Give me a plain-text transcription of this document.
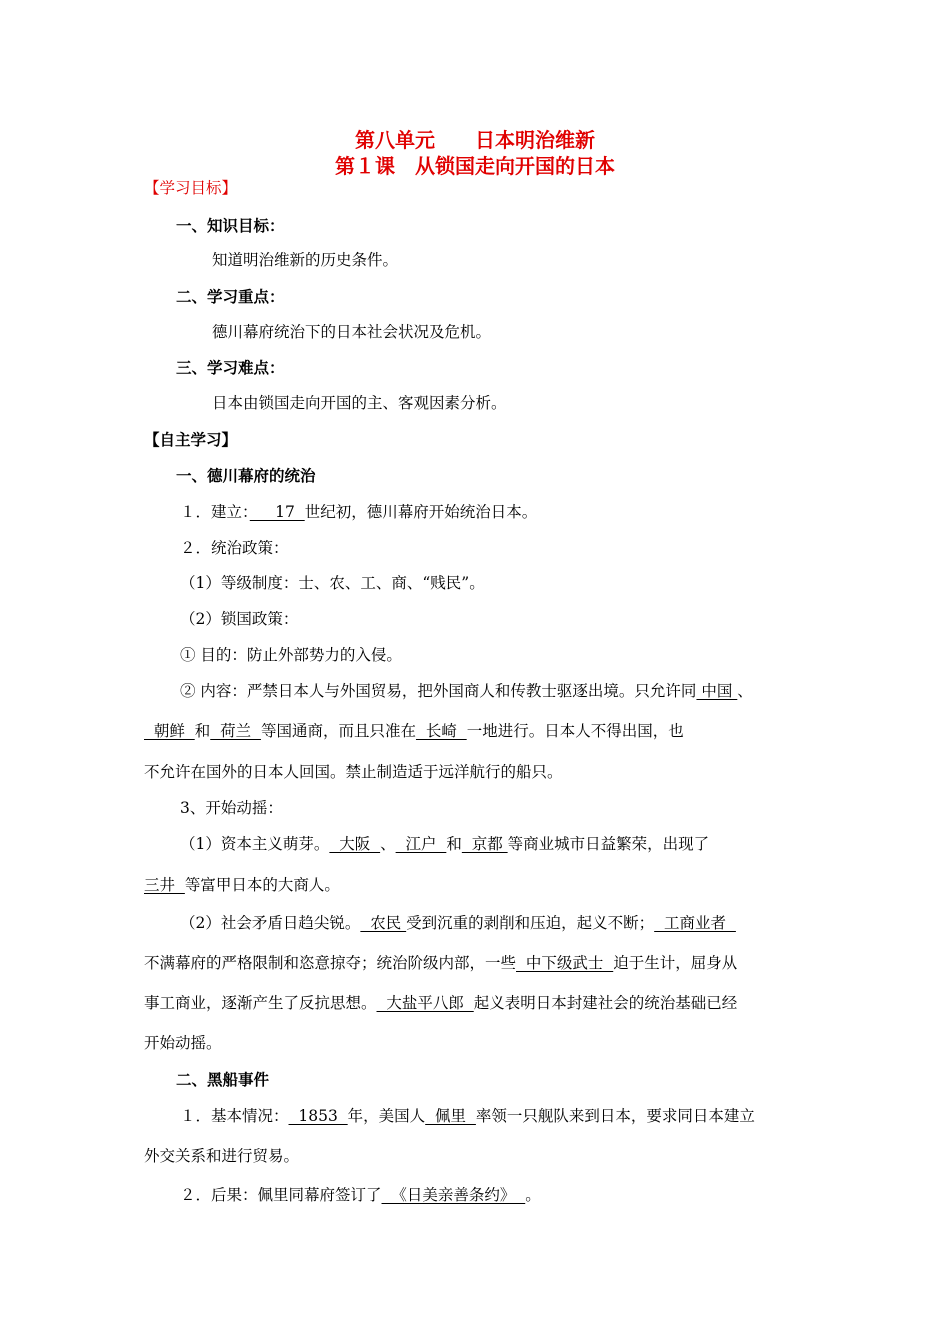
第八单元　　日本明治维新
第１课　从锁国走向开国的日本
【学习目标】
一、知识目标：
知道明治维新的历史条件。
二、学习重点：
德川幕府统治下的日本社会状况及危机。
三、学习难点：
日本由锁国走向开国的主、客观因素分析。
【自主学习】
一、德川幕府的统治
１．建立：　  17  世纪初，德川幕府开始统治日本。
２．统治政策：
（1）等级制度：士、农、工、商、“贱民”。
（2）锁国政策：
① 目的：防止外部势力的入侵。
② 内容：严禁日本人与外国贸易，把外国商人和传教士驱逐出境。只允许同 中国 、
朝鲜  和  荷兰  等国通商，而且只准在  长崎  一地进行。日本人不得出国，也
不允许在国外的日本人回国。禁止制造适于远洋航行的船只。
3、开始动摇：
（1）资本主义萌芽。  大阪  、  江户  和  京都 等商业城市日益繁荣，出现了
三井  等富甲日本的大商人。
（2）社会矛盾日趋尖锐。  农民 受到沉重的剥削和压迫，起义不断；  工商业者
不满幕府的严格限制和恣意掠夺；统治阶级内部，一些  中下级武士  迫于生计，屈身从
事工商业，逐渐产生了反抗思想。  大盐平八郎  起义表明日本封建社会的统治基础已经
开始动摇。
二、黑船事件
１．基本情况：  1853  年，美国人  佩里  率领一只舰队来到日本，要求同日本建立
外交关系和进行贸易。
２．后果：佩里同幕府签订了  《日美亲善条约》  。
